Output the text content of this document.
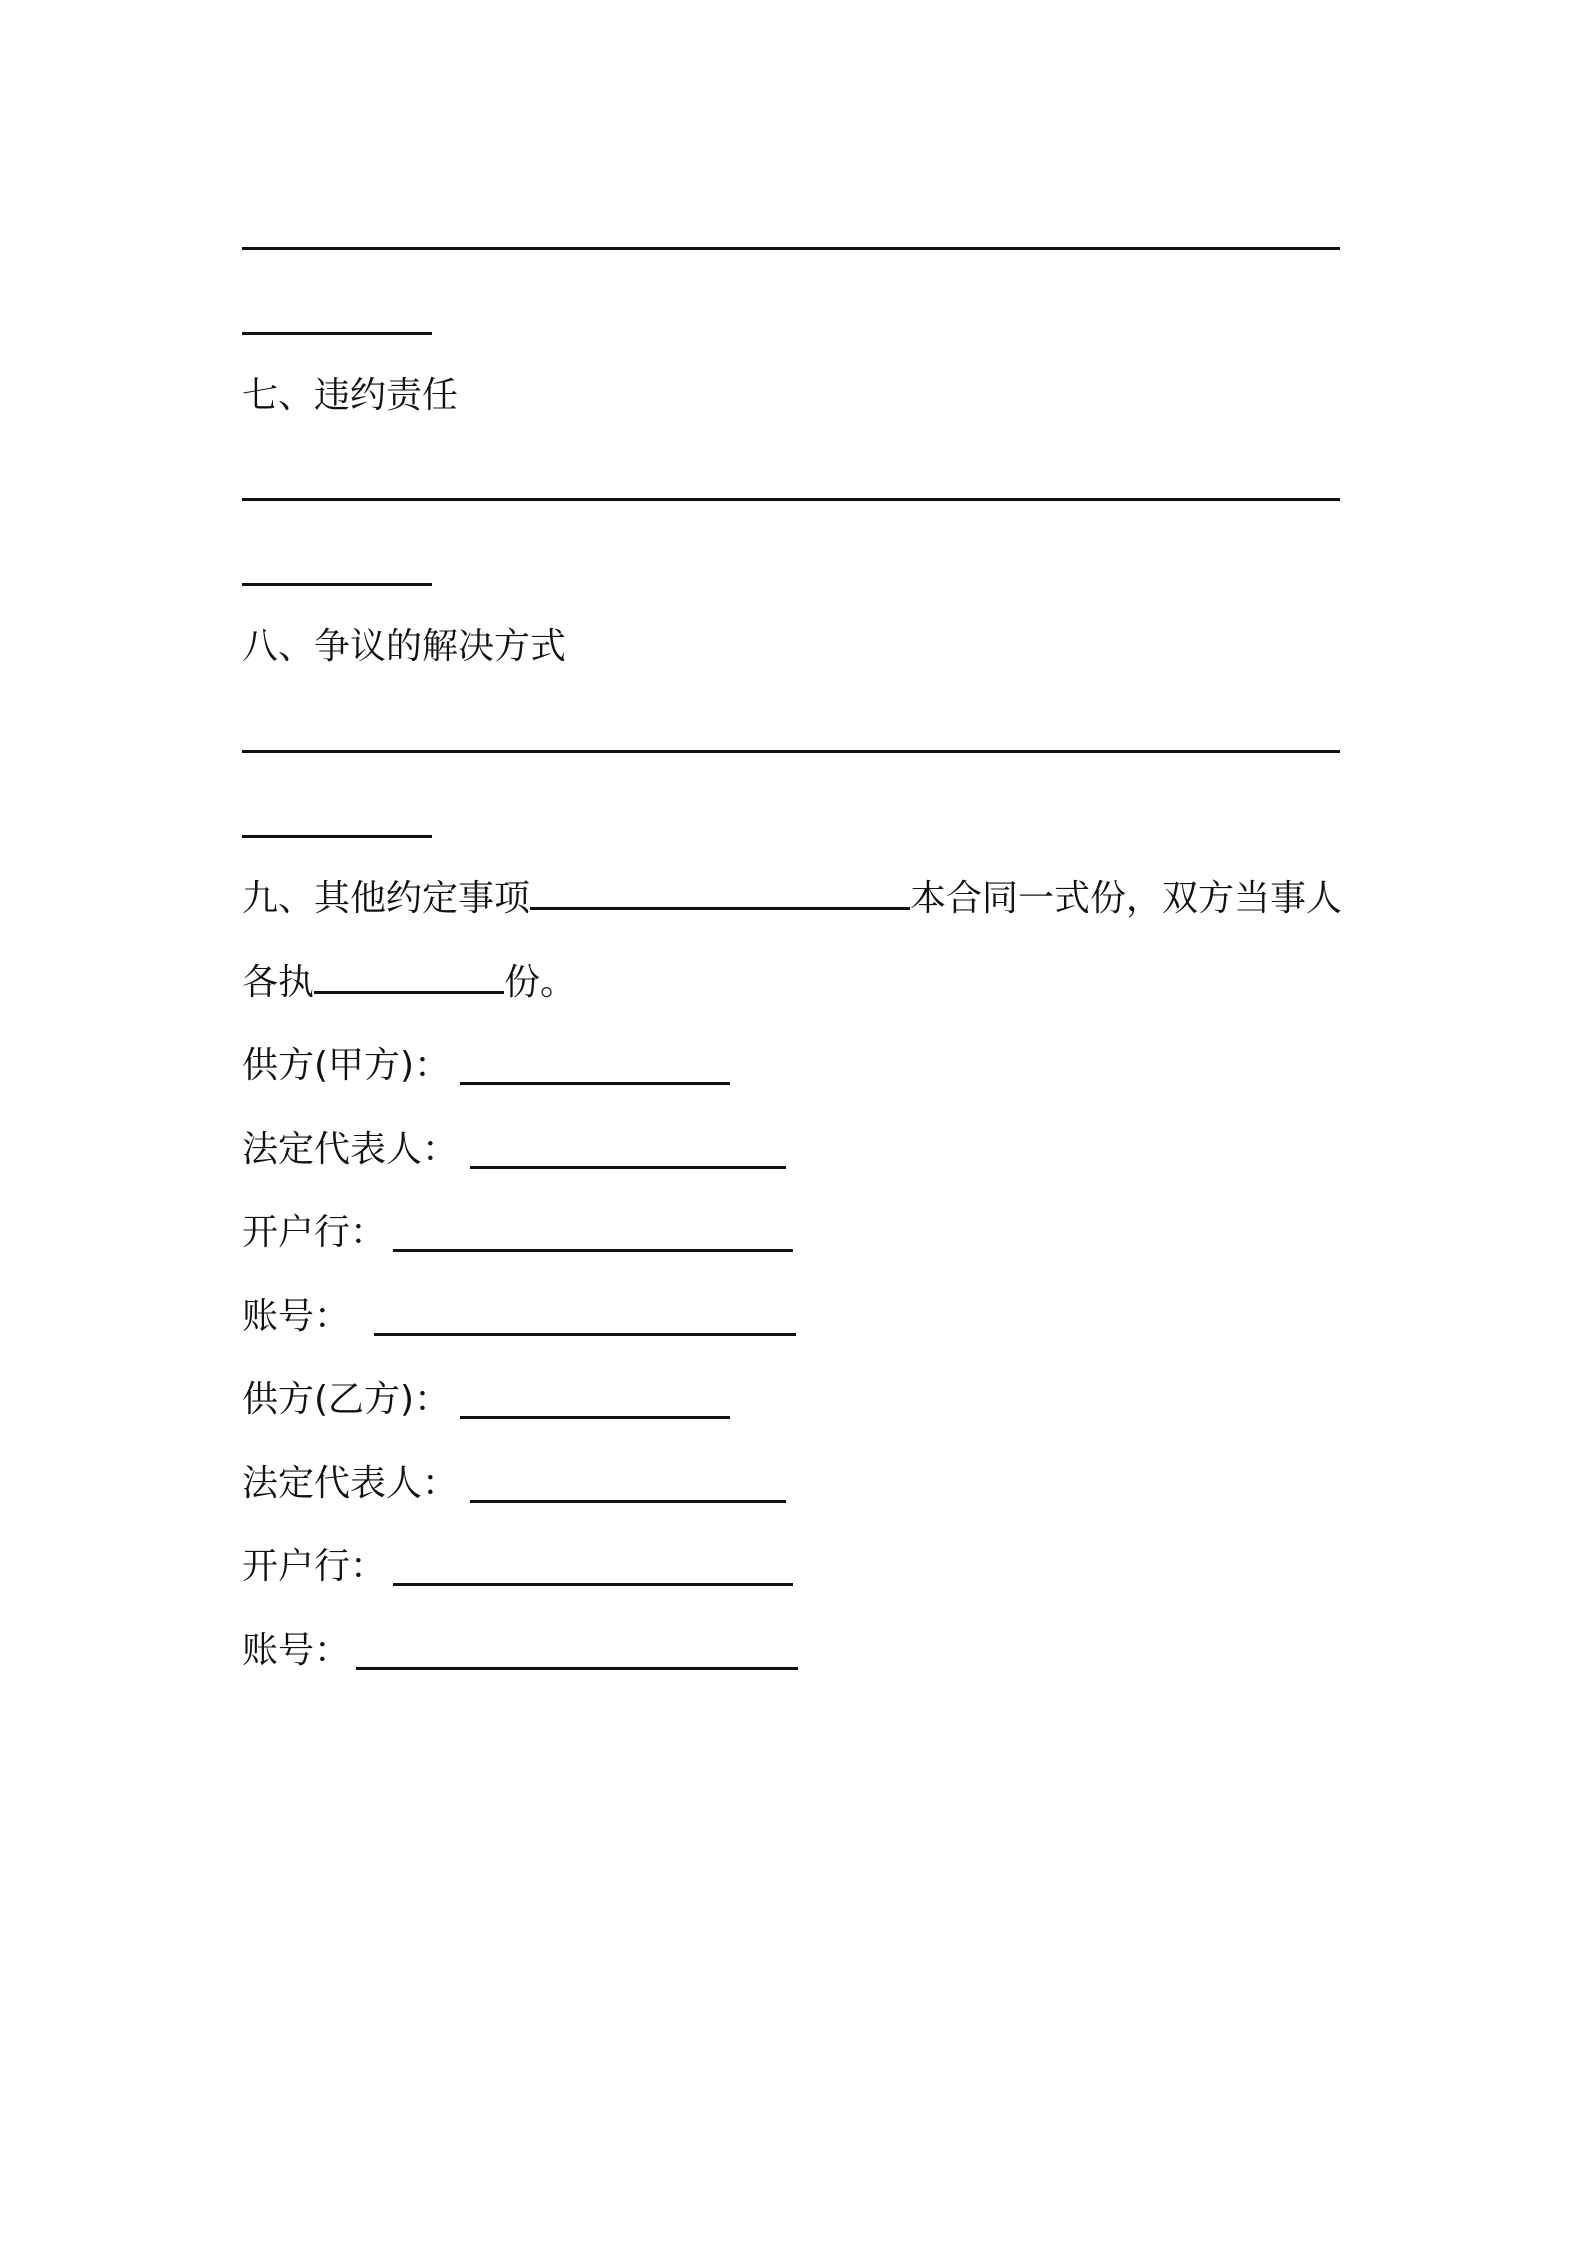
七、违约责任
八、争议的解决方式
九、其他约定事项	本合同一式份，双方当事人
各执	份。
供方(甲方)：
法定代表人：
开户行：
账号：
供方(乙方)：
法定代表人：
开户行：
账号：
